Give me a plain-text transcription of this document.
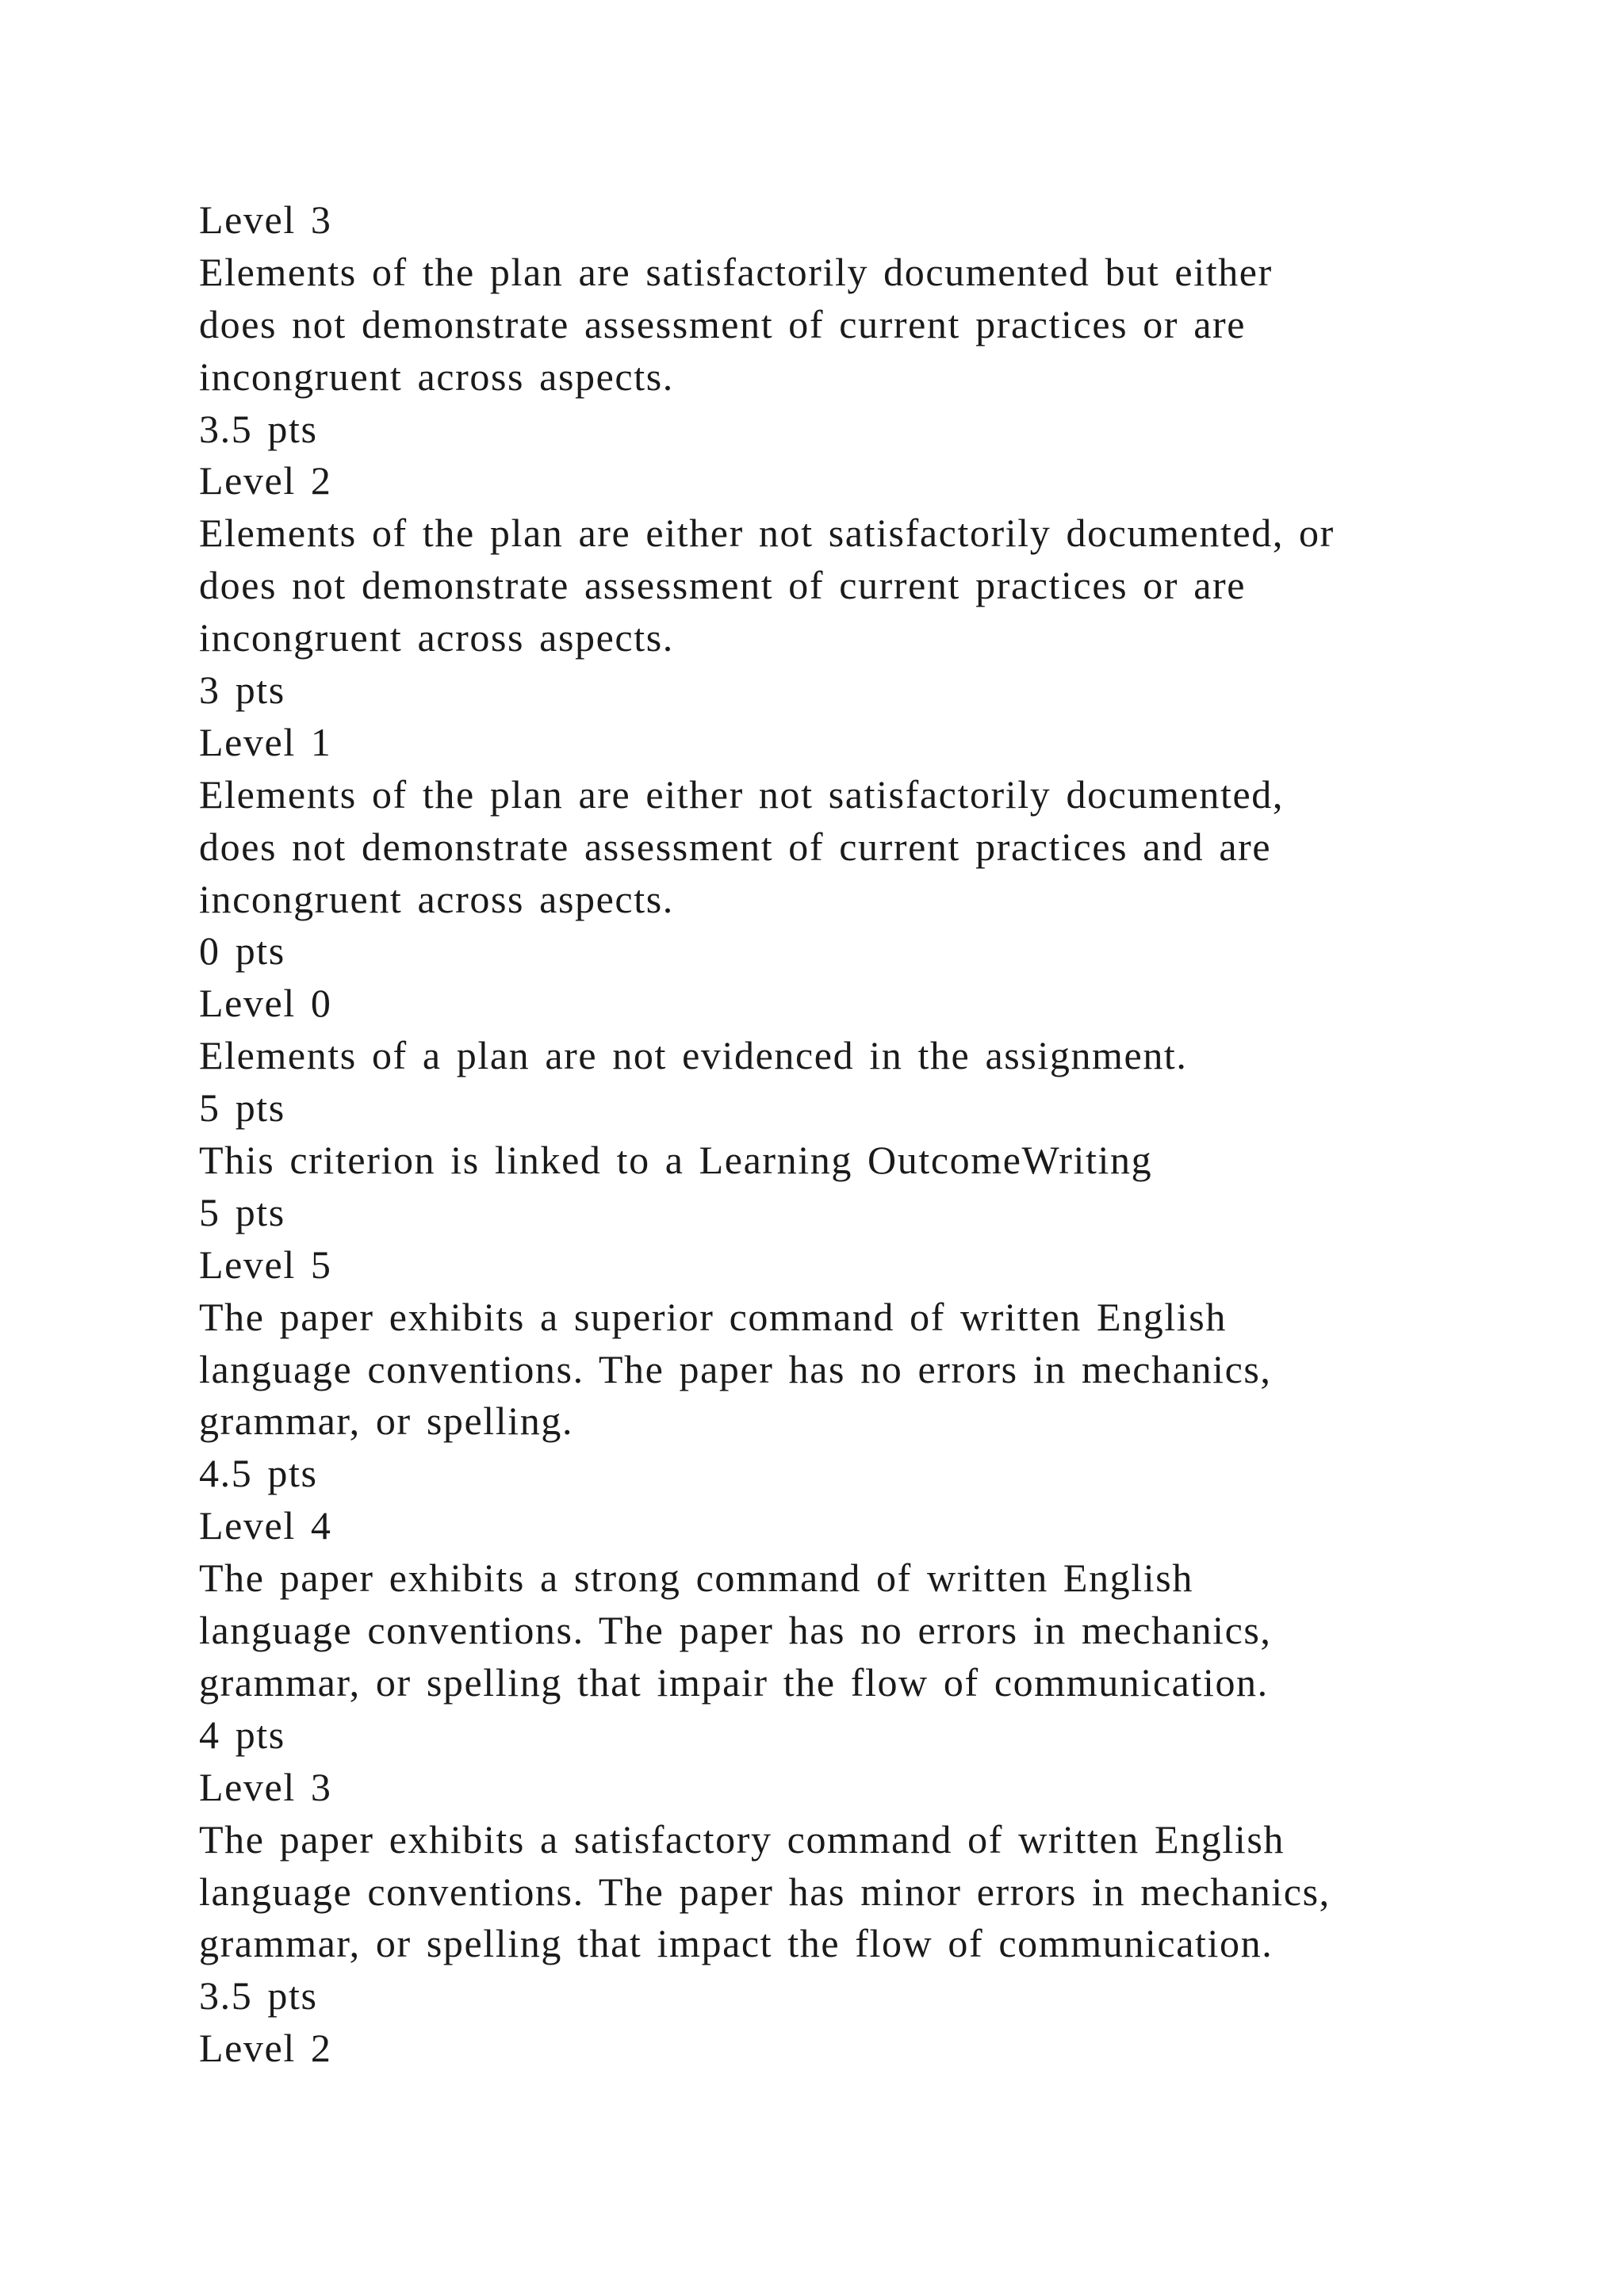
Level 3
Elements of the plan are satisfactorily documented but either
does not demonstrate assessment of current practices or are
incongruent across aspects.
3.5 pts
Level 2
Elements of the plan are either not satisfactorily documented, or
does not demonstrate assessment of current practices or are
incongruent across aspects.
3 pts
Level 1
Elements of the plan are either not satisfactorily documented,
does not demonstrate assessment of current practices and are
incongruent across aspects.
0 pts
Level 0
Elements of a plan are not evidenced in the assignment.
5 pts
This criterion is linked to a Learning OutcomeWriting
5 pts
Level 5
The paper exhibits a superior command of written English
language conventions. The paper has no errors in mechanics,
grammar, or spelling.
4.5 pts
Level 4
The paper exhibits a strong command of written English
language conventions. The paper has no errors in mechanics,
grammar, or spelling that impair the flow of communication.
4 pts
Level 3
The paper exhibits a satisfactory command of written English
language conventions. The paper has minor errors in mechanics,
grammar, or spelling that impact the flow of communication.
3.5 pts
Level 2
